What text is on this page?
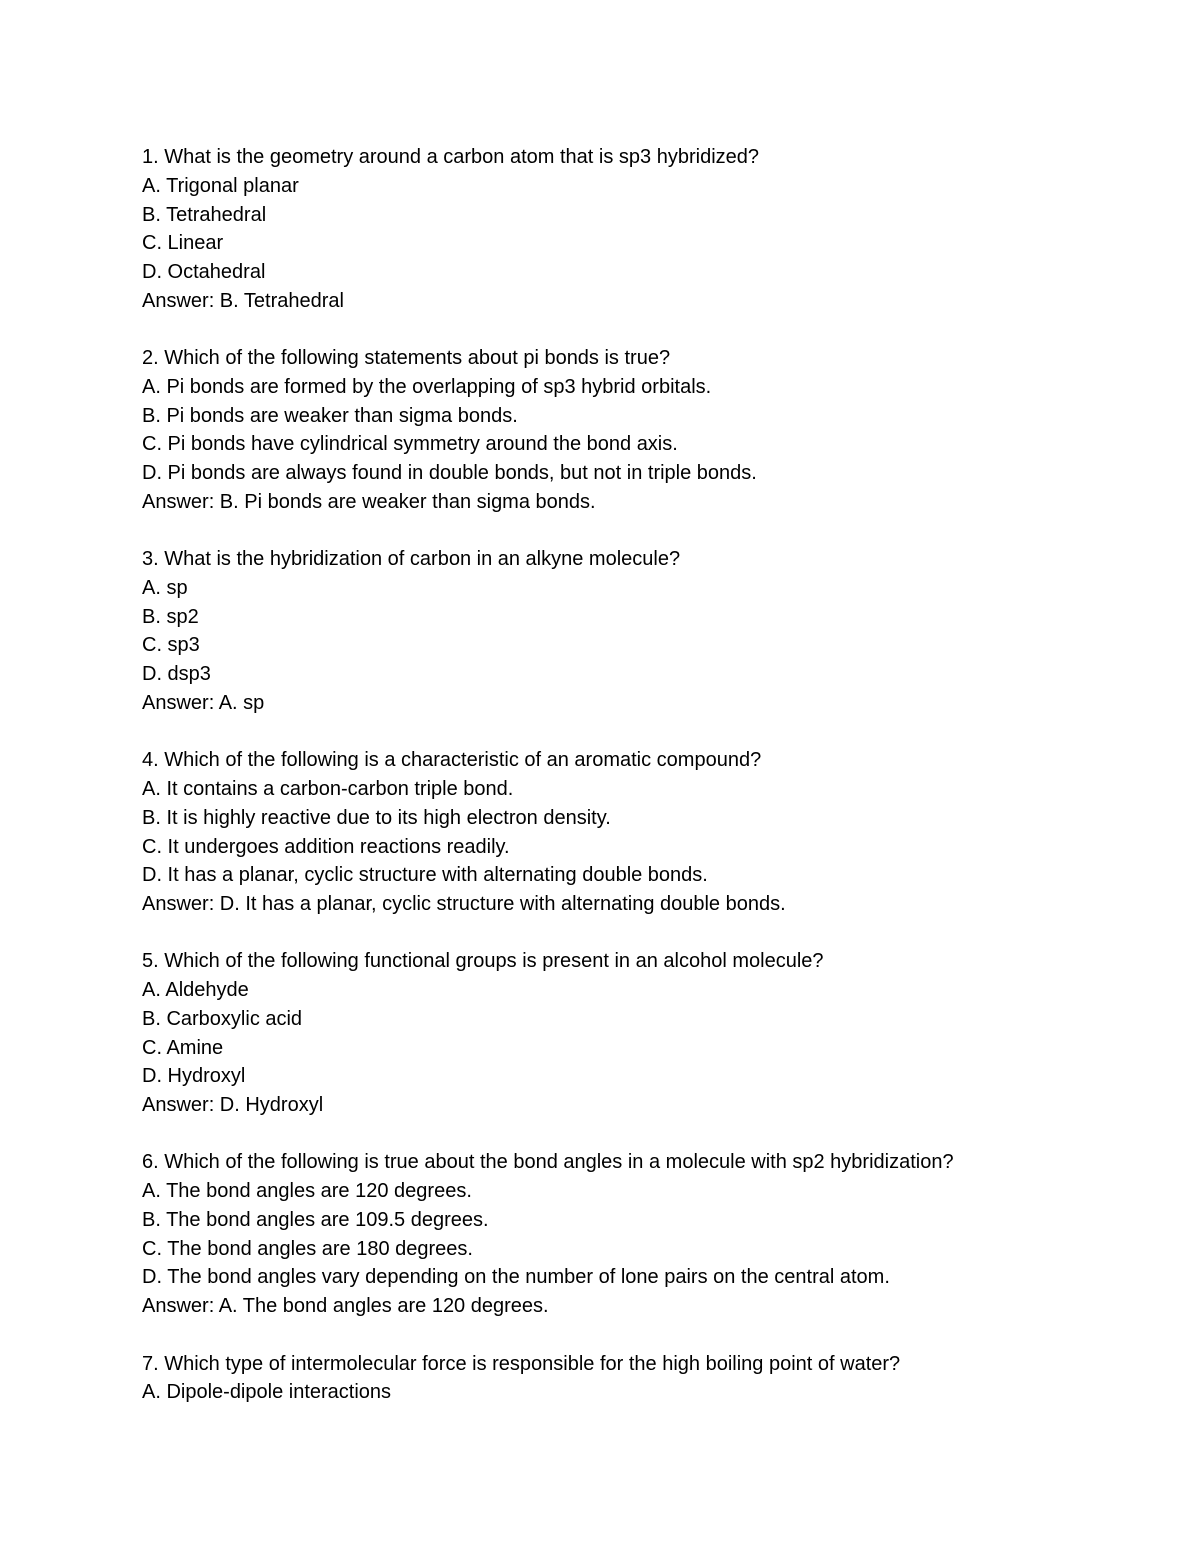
1. What is the geometry around a carbon atom that is sp3 hybridized?
A. Trigonal planar
B. Tetrahedral
C. Linear
D. Octahedral
Answer: B. Tetrahedral
2. Which of the following statements about pi bonds is true?
A. Pi bonds are formed by the overlapping of sp3 hybrid orbitals.
B. Pi bonds are weaker than sigma bonds.
C. Pi bonds have cylindrical symmetry around the bond axis.
D. Pi bonds are always found in double bonds, but not in triple bonds.
Answer: B. Pi bonds are weaker than sigma bonds.
3. What is the hybridization of carbon in an alkyne molecule?
A. sp
B. sp2
C. sp3
D. dsp3
Answer: A. sp
4. Which of the following is a characteristic of an aromatic compound?
A. It contains a carbon-carbon triple bond.
B. It is highly reactive due to its high electron density.
C. It undergoes addition reactions readily.
D. It has a planar, cyclic structure with alternating double bonds.
Answer: D. It has a planar, cyclic structure with alternating double bonds.
5. Which of the following functional groups is present in an alcohol molecule?
A. Aldehyde
B. Carboxylic acid
C. Amine
D. Hydroxyl
Answer: D. Hydroxyl
6. Which of the following is true about the bond angles in a molecule with sp2 hybridization?
A. The bond angles are 120 degrees.
B. The bond angles are 109.5 degrees.
C. The bond angles are 180 degrees.
D. The bond angles vary depending on the number of lone pairs on the central atom.
Answer: A. The bond angles are 120 degrees.
7. Which type of intermolecular force is responsible for the high boiling point of water?
A. Dipole-dipole interactions
